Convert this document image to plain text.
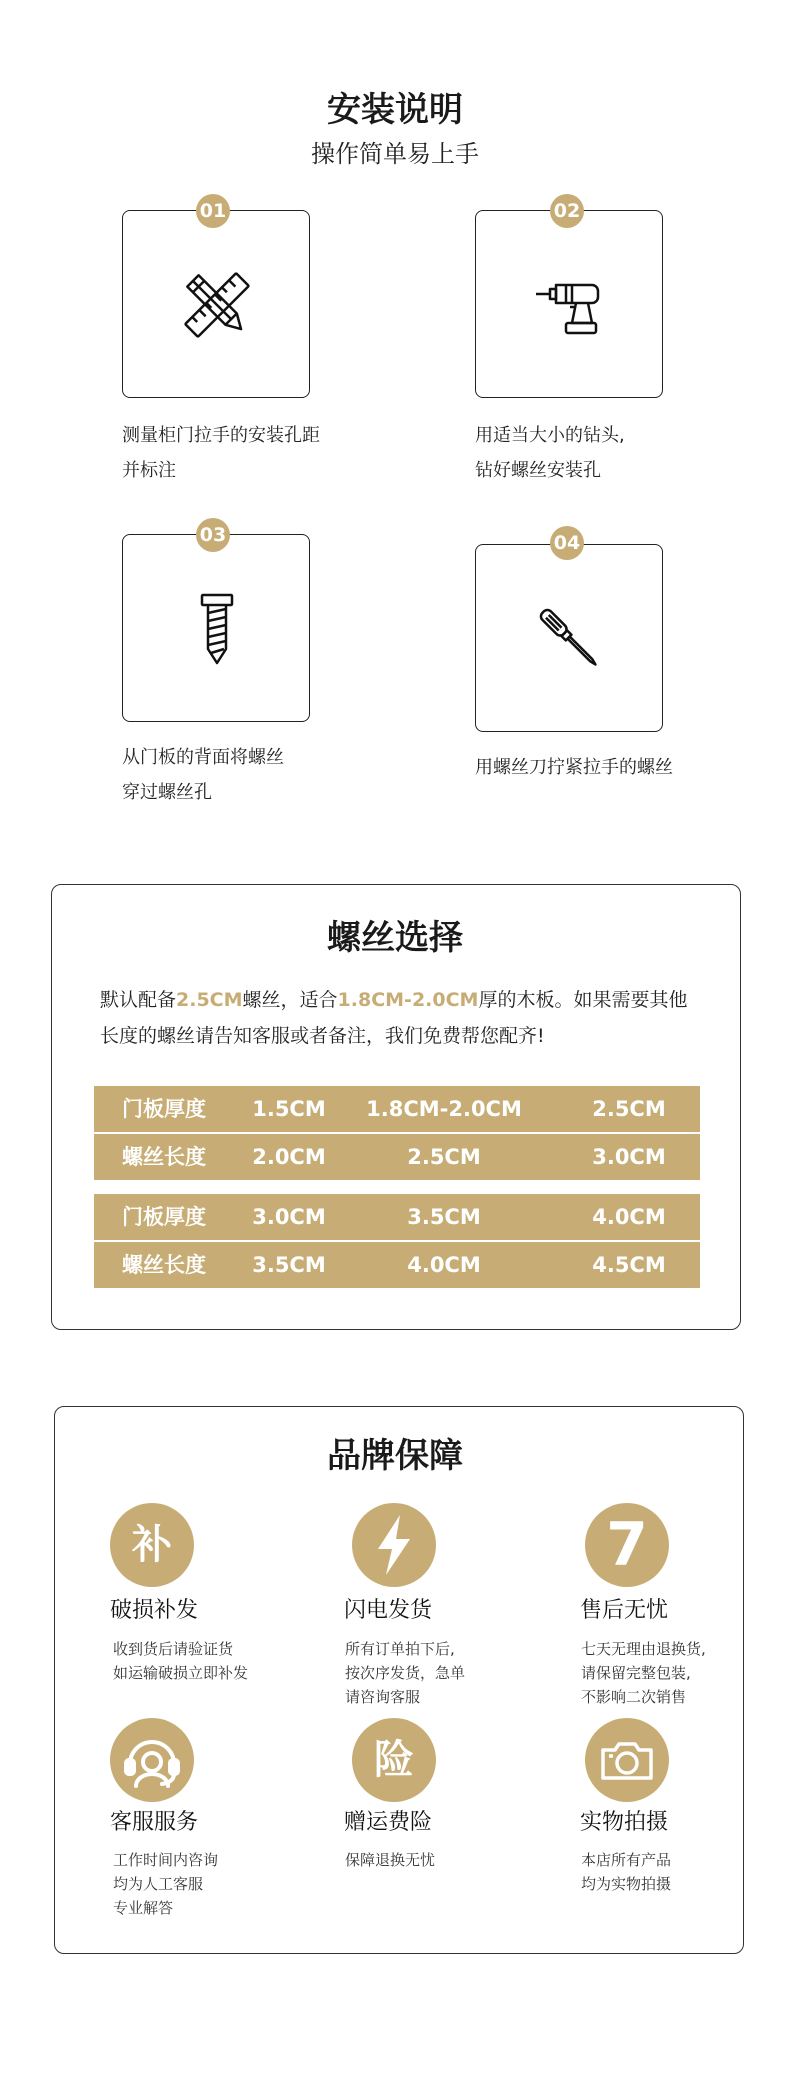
安装说明
操作简单易上手
01
测量柜门拉手的安装孔距
并标注
02
用适当大小的钻头,
钻好螺丝安装孔
03
从门板的背面将螺丝
穿过螺丝孔
04
用螺丝刀拧紧拉手的螺丝
螺丝选择
默认配备2.5CM螺丝，适合1.8CM-2.0CM厚的木板。如果需要其他
长度的螺丝请告知客服或者备注，我们免费帮您配齐!
门板厚度	1.5CM	1.8CM-2.0CM	2.5CM
螺丝长度	2.0CM	2.5CM	3.0CM
门板厚度	3.0CM	3.5CM	4.0CM
螺丝长度	3.5CM	4.0CM	4.5CM
品牌保障
补
破损补发
收到货后请验证货
如运输破损立即补发
闪电发货
所有订单拍下后,
按次序发货，急单
请咨询客服
7
售后无忧
七天无理由退换货,
请保留完整包装,
不影响二次销售
客服服务
工作时间内咨询
均为人工客服
专业解答
险
赠运费险
保障退换无忧
实物拍摄
本店所有产品
均为实物拍摄
